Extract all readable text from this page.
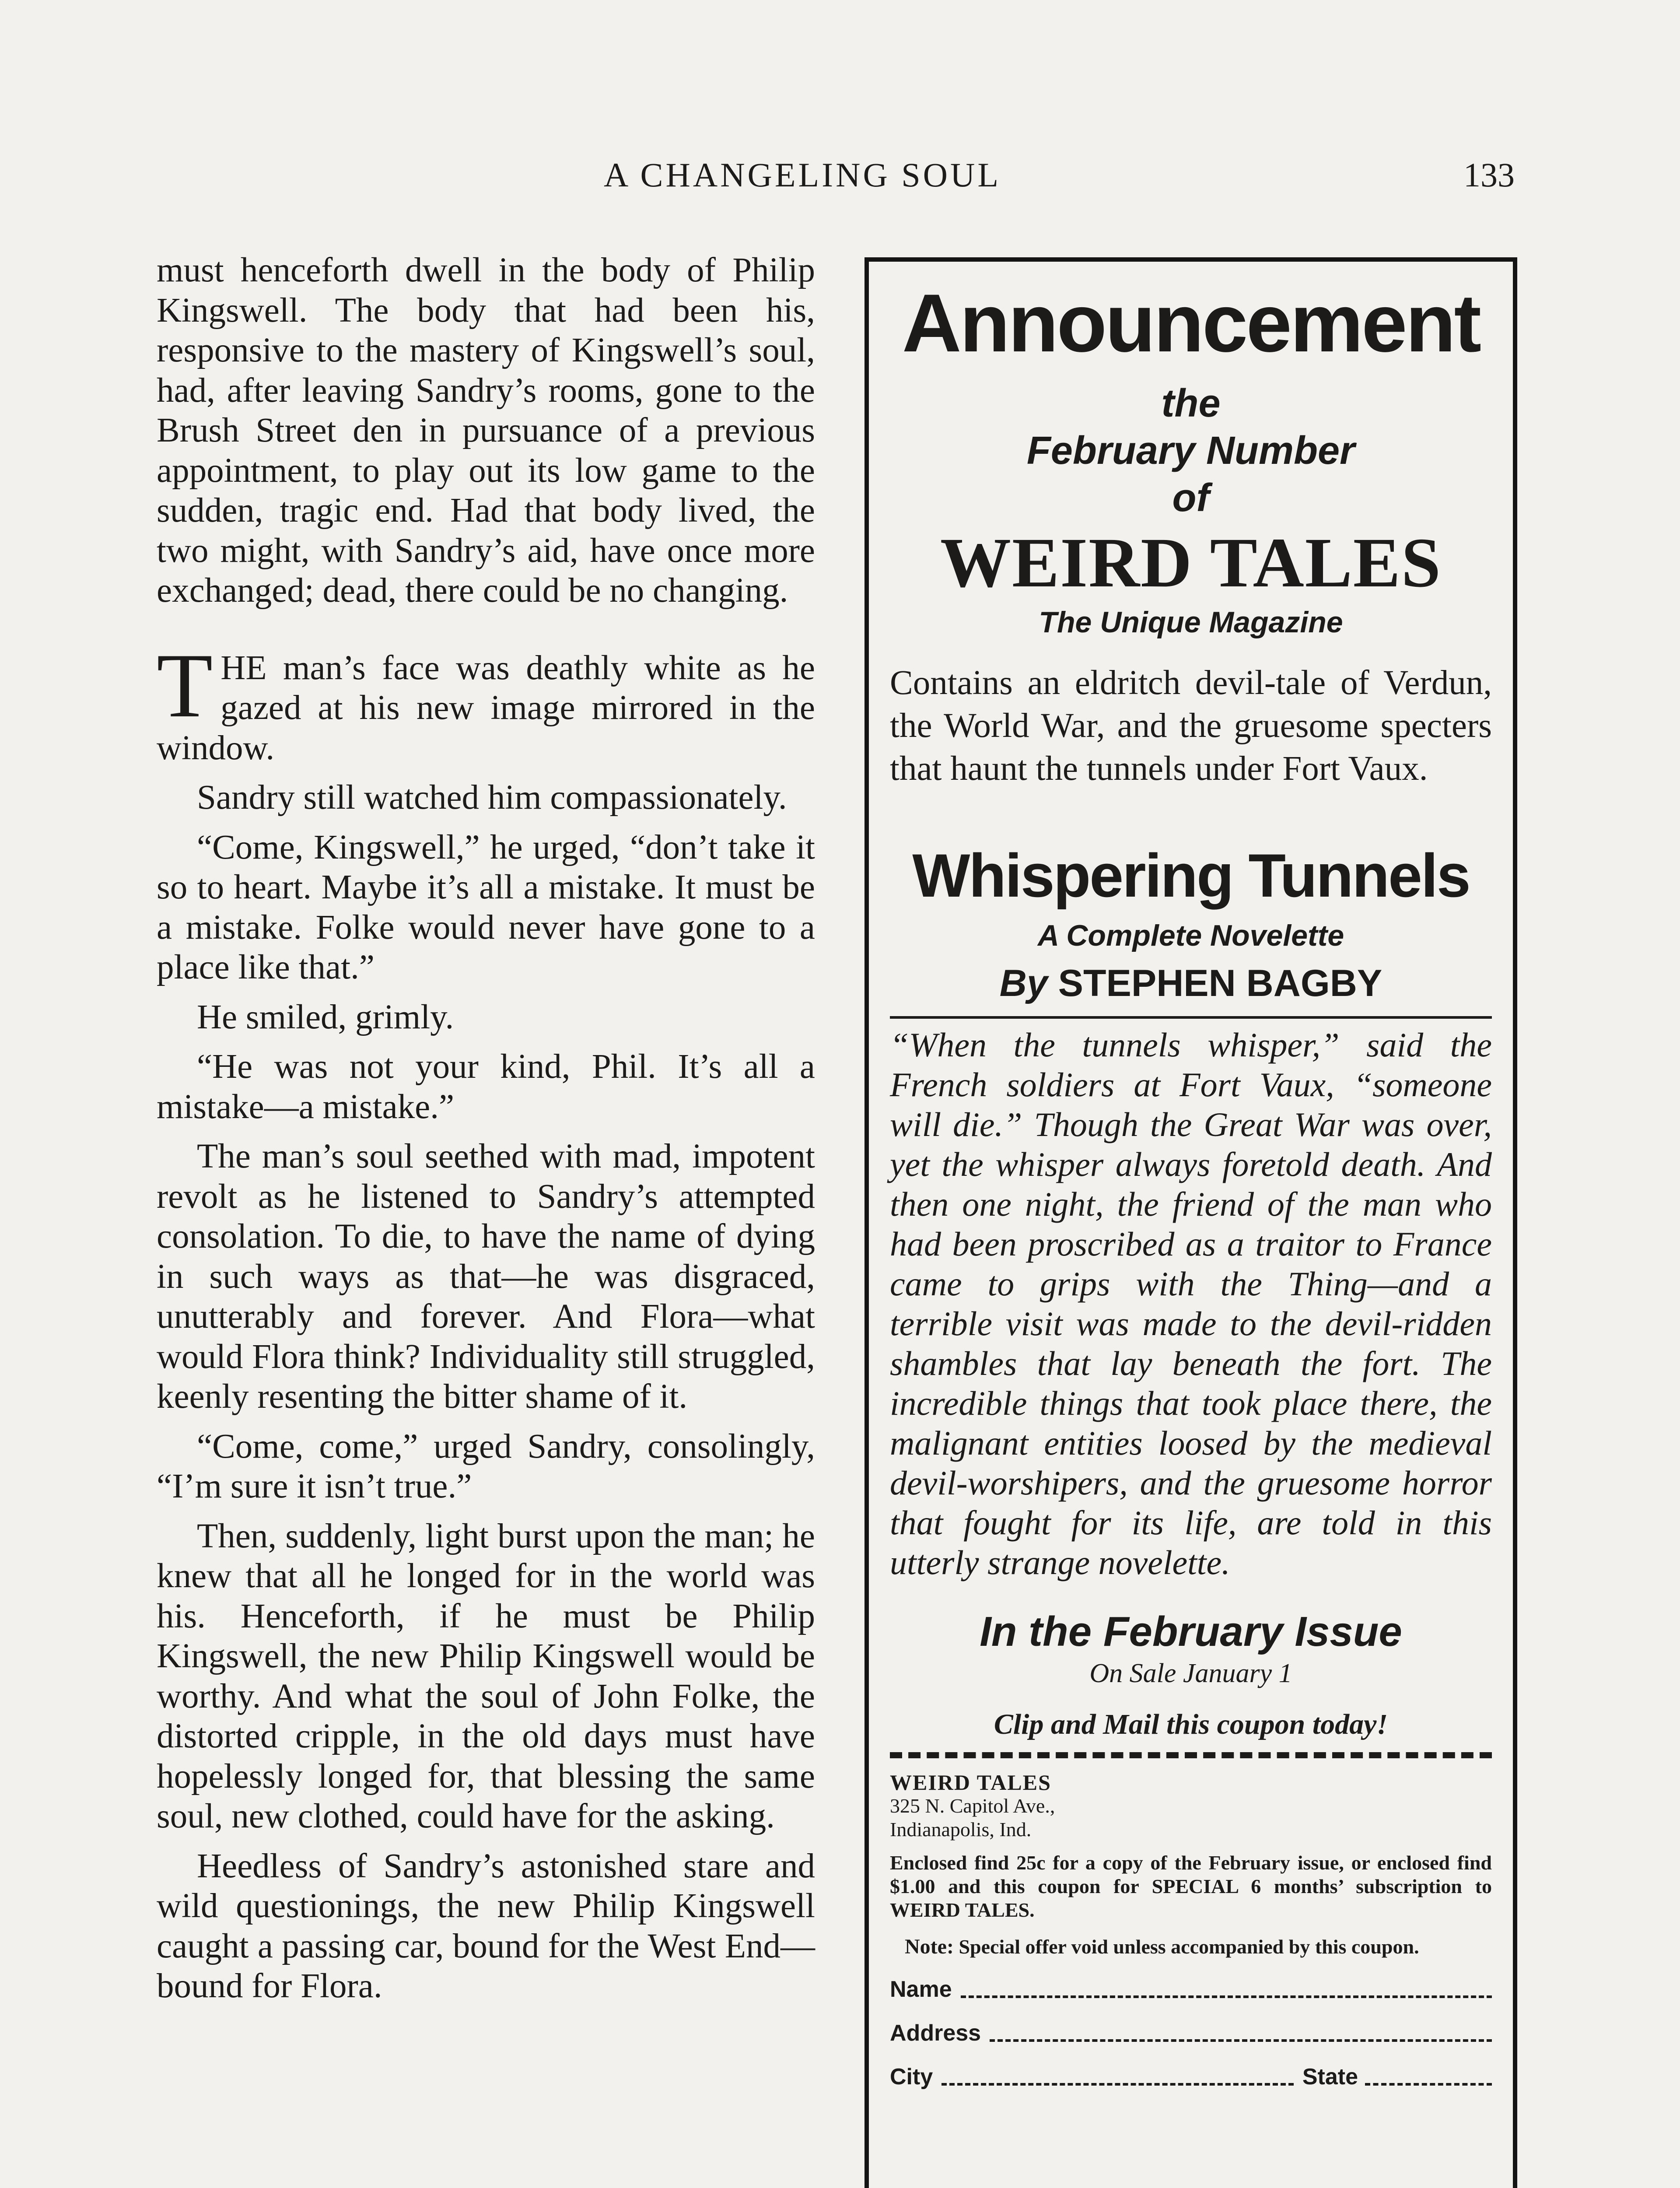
A CHANGELING SOUL	133

must henceforth dwell in the body of Philip Kingswell. The body that had been his, responsive to the mastery of Kingswell’s soul, had, after leaving Sandry’s rooms, gone to the Brush Street den in pursuance of a previous appointment, to play out its low game to the sudden, tragic end. Had that body lived, the two might, with Sandry’s aid, have once more exchanged; dead, there could be no changing.

THE man’s face was deathly white as he gazed at his new image mirrored in the window.

Sandry still watched him compassionately.

“Come, Kingswell,” he urged, “don’t take it so to heart. Maybe it’s all a mistake. It must be a mistake. Folke would never have gone to a place like that.”

He smiled, grimly.

“He was not your kind, Phil. It’s all a mistake—a mistake.”

The man’s soul seethed with mad, impotent revolt as he listened to Sandry’s attempted consolation. To die, to have the name of dying in such ways as that—he was disgraced, unutterably and forever. And Flora—what would Flora think? Individuality still struggled, keenly resenting the bitter shame of it.

“Come, come,” urged Sandry, consolingly, “I’m sure it isn’t true.”

Then, suddenly, light burst upon the man; he knew that all he longed for in the world was his. Henceforth, if he must be Philip Kingswell, the new Philip Kingswell would be worthy. And what the soul of John Folke, the distorted cripple, in the old days must have hopelessly longed for, that blessing the same soul, new clothed, could have for the asking.

Heedless of Sandry’s astonished stare and wild questionings, the new Philip Kingswell caught a passing car, bound for the West End—bound for Flora.

Announcement
the
February Number
of
WEIRD TALES
The Unique Magazine
Contains an eldritch devil-tale of Verdun, the World War, and the gruesome specters that haunt the tunnels under Fort Vaux.
Whispering Tunnels
A Complete Novelette
By STEPHEN BAGBY
“When the tunnels whisper,” said the French soldiers at Fort Vaux, “someone will die.” Though the Great War was over, yet the whisper always foretold death. And then one night, the friend of the man who had been proscribed as a traitor to France came to grips with the Thing—and a terrible visit was made to the devil-ridden shambles that lay beneath the fort. The incredible things that took place there, the malignant entities loosed by the medieval devil-worshipers, and the gruesome horror that fought for its life, are told in this utterly strange novelette.
In the February Issue
On Sale January 1
Clip and Mail this coupon today!
WEIRD TALES
325 N. Capitol Ave.,
Indianapolis, Ind.
Enclosed find 25c for a copy of the February issue, or enclosed find $1.00 and this coupon for SPECIAL 6 months’ subscription to WEIRD TALES.
Note: Special offer void unless accompanied by this coupon.
Name
Address
City	State
